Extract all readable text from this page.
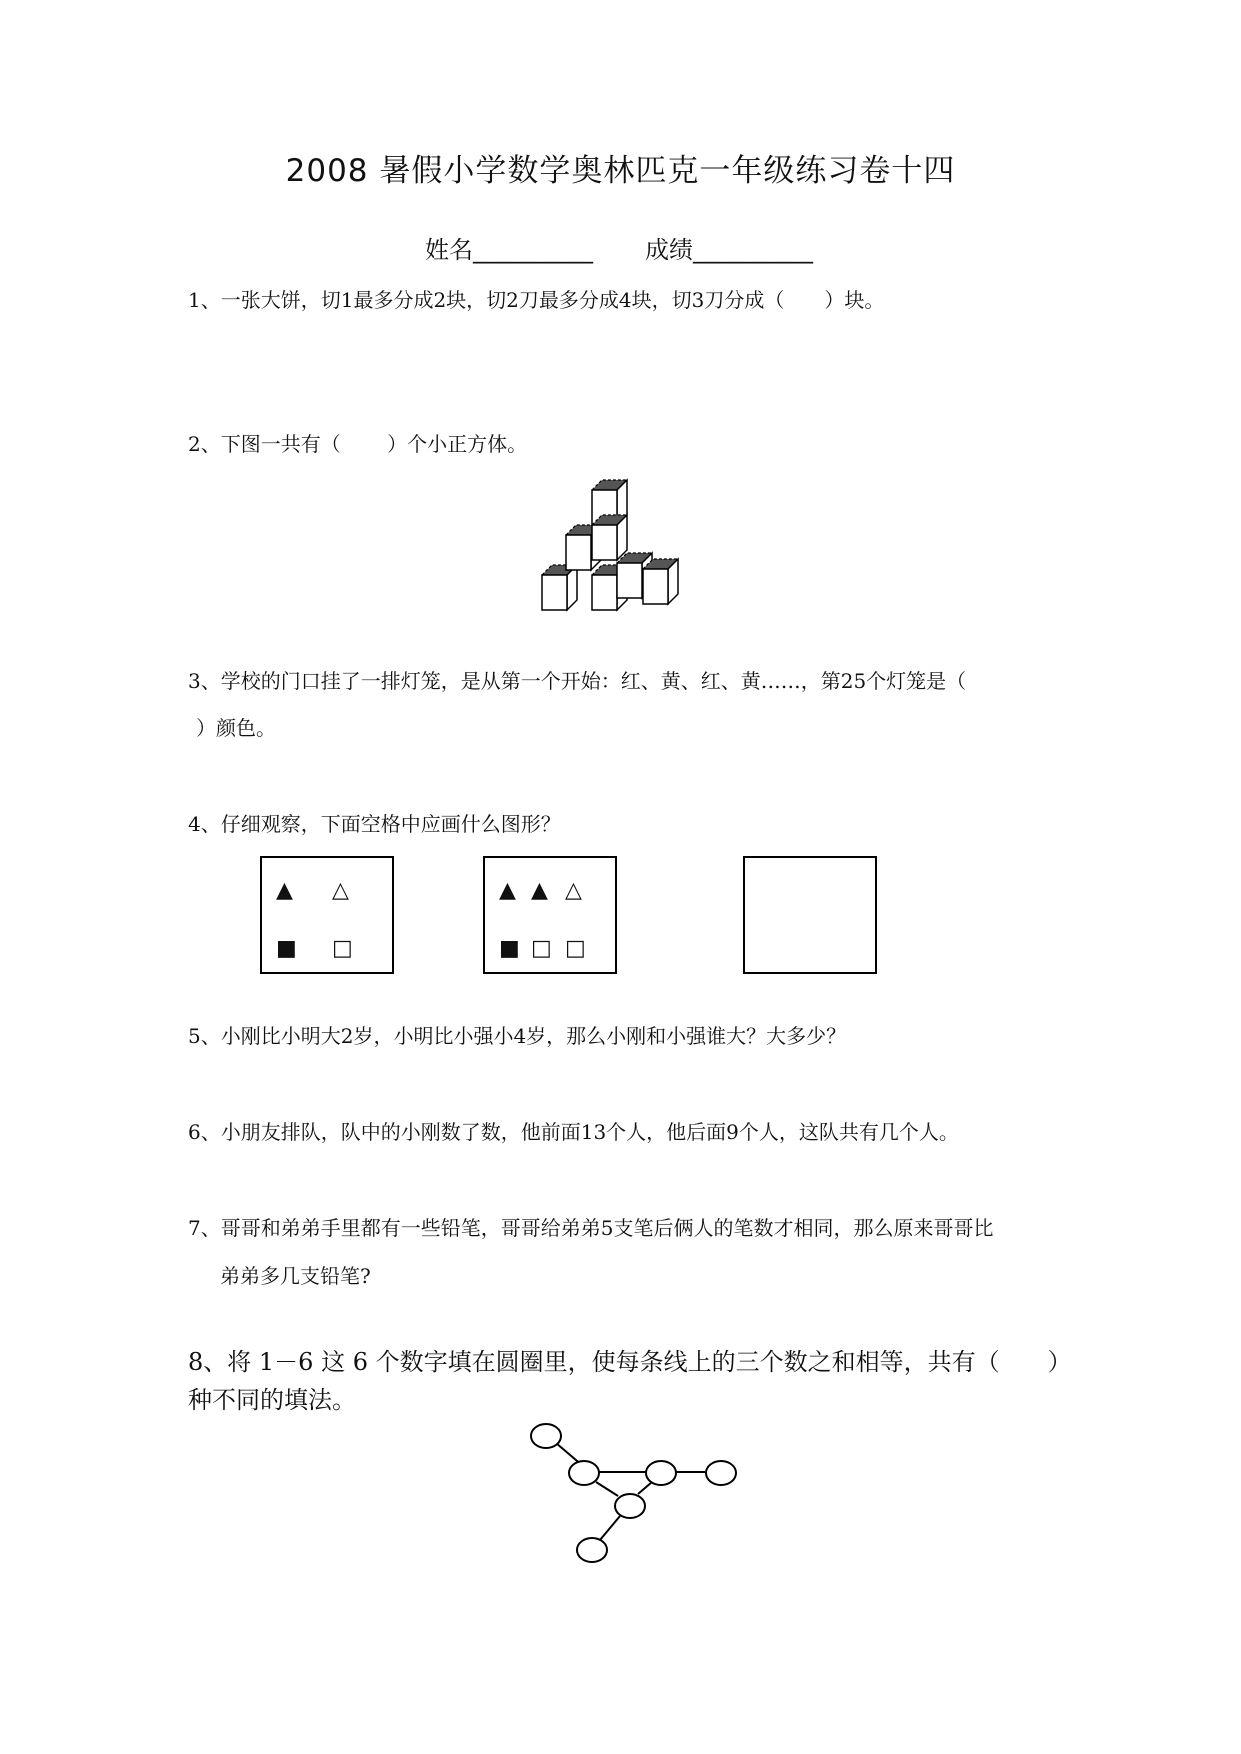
2008 暑假小学数学奥林匹克一年级练习卷十四
姓名__________ 成绩__________
1、一张大饼，切1最多分成2块，切2刀最多分成4块，切3刀分成（　　）块。
2、下图一共有（　　 ）个小正方体。
3、学校的门口挂了一排灯笼，是从第一个开始：红、黄、红、黄……，第25个灯笼是（
）颜色。
4、仔细观察，下面空格中应画什么图形？
▲ △
■ □
▲ ▲ △
■ □ □
5、小刚比小明大2岁，小明比小强小4岁，那么小刚和小强谁大？大多少？
6、小朋友排队，队中的小刚数了数，他前面13个人，他后面9个人，这队共有几个人。
7、哥哥和弟弟手里都有一些铅笔，哥哥给弟弟5支笔后俩人的笔数才相同，那么原来哥哥比
弟弟多几支铅笔?
8、将 1－6 这 6 个数字填在圆圈里，使每条线上的三个数之和相等，共有（　　）
种不同的填法。
